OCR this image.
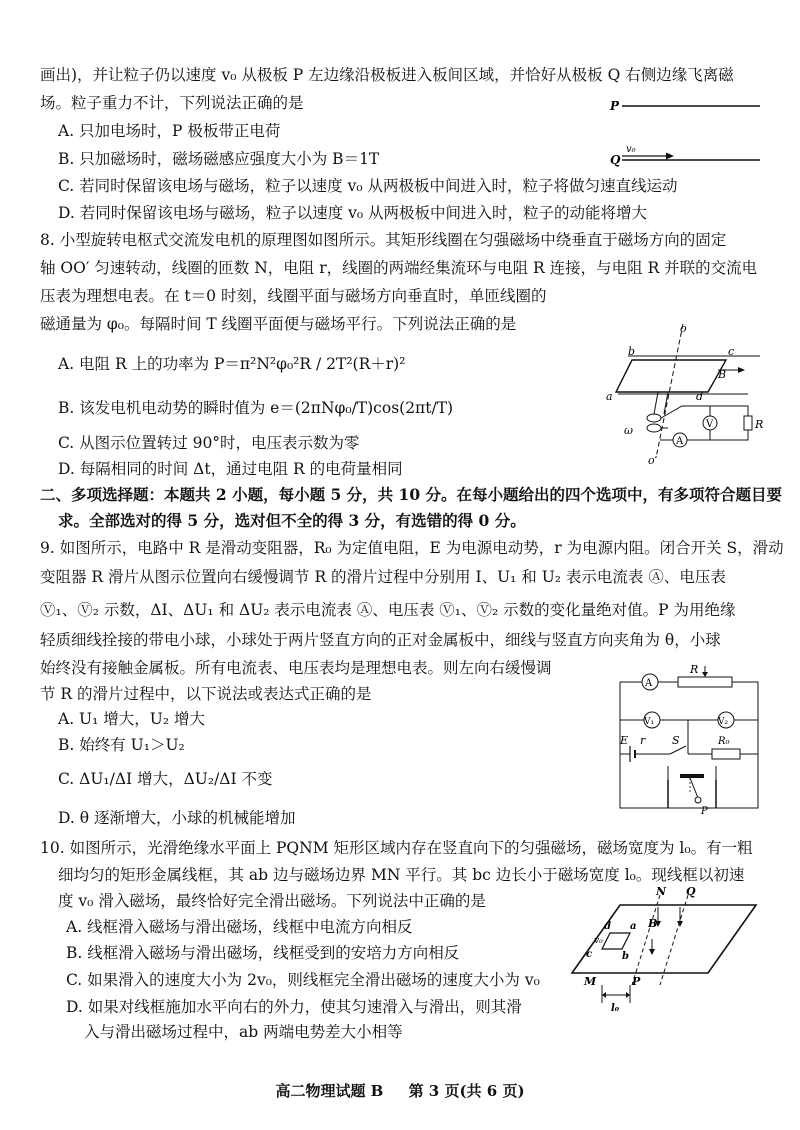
画出)，并让粒子仍以速度 v₀ 从极板 P 左边缘沿极板进入板间区域，并恰好从极板 Q 右侧边缘飞离磁
场。粒子重力不计，下列说法正确的是
A. 只加电场时，P 极板带正电荷
B. 只加磁场时，磁场磁感应强度大小为 B＝1T
C. 若同时保留该电场与磁场，粒子以速度 v₀ 从两极板中间进入时，粒子将做匀速直线运动
D. 若同时保留该电场与磁场，粒子以速度 v₀ 从两极板中间进入时，粒子的动能将增大
P
Q
v₀
8. 小型旋转电枢式交流发电机的原理图如图所示。其矩形线圈在匀强磁场中绕垂直于磁场方向的固定
轴 OO′ 匀速转动，线圈的匝数 N，电阻 r，线圈的两端经集流环与电阻 R 连接，与电阻 R 并联的交流电
压表为理想电表。在 t＝0 时刻，线圈平面与磁场方向垂直时，单匝线圈的
磁通量为 φ₀。每隔时间 T 线圈平面便与磁场平行。下列说法正确的是
A. 电阻 R 上的功率为 P＝π²N²φ₀²R / 2T²(R＋r)²
B. 该发电机电动势的瞬时值为 e＝(2πNφ₀/T)cos(2πt/T)
C. 从图示位置转过 90°时，电压表示数为零
D. 每隔相同的时间 Δt，通过电阻 R 的电荷量相同
o
o′
b	c
a	d
B
ω
A
V	R
二、多项选择题：本题共 2 小题，每小题 5 分，共 10 分。在每小题给出的四个选项中，有多项符合题目要
求。全部选对的得 5 分，选对但不全的得 3 分，有选错的得 0 分。
9. 如图所示，电路中 R 是滑动变阻器，R₀ 为定值电阻，E 为电源电动势，r 为电源内阻。闭合开关 S，滑动
变阻器 R 滑片从图示位置向右缓慢调节 R 的滑片过程中分别用 I、U₁ 和 U₂ 表示电流表 Ⓐ、电压表
Ⓥ₁、Ⓥ₂ 示数，ΔI、ΔU₁ 和 ΔU₂ 表示电流表 Ⓐ、电压表 Ⓥ₁、Ⓥ₂ 示数的变化量绝对值。P 为用绝缘
轻质细线拴接的带电小球，小球处于两片竖直方向的正对金属板中，细线与竖直方向夹角为 θ，小球
始终没有接触金属板。所有电流表、电压表均是理想电表。则左向右缓慢调
节 R 的滑片过程中，以下说法或表达式正确的是
A. U₁ 增大，U₂ 增大
B. 始终有 U₁＞U₂
C. ΔU₁/ΔI 增大，ΔU₂/ΔI 不变
D. θ 逐渐增大，小球的机械能增加
A
R
V₁	V₂
E r S	R₀
P
10. 如图所示，光滑绝缘水平面上 PQNM 矩形区域内存在竖直向下的匀强磁场，磁场宽度为 l₀。有一粗
细均匀的矩形金属线框，其 ab 边与磁场边界 MN 平行。其 bc 边长小于磁场宽度 l₀。现线框以初速
度 v₀ 滑入磁场，最终恰好完全滑出磁场。下列说法中正确的是
A. 线框滑入磁场与滑出磁场，线框中电流方向相反
B. 线框滑入磁场与滑出磁场，线框受到的安培力方向相反
C. 如果滑入的速度大小为 2v₀，则线框完全滑出磁场的速度大小为 v₀
D. 如果对线框施加水平向右的外力，使其匀速滑入与滑出，则其滑
入与滑出磁场过程中，ab 两端电势差大小相等
N Q
B
d a
c	b
v₀
M	P
l₀
高二物理试题 B 第 3 页(共 6 页)
